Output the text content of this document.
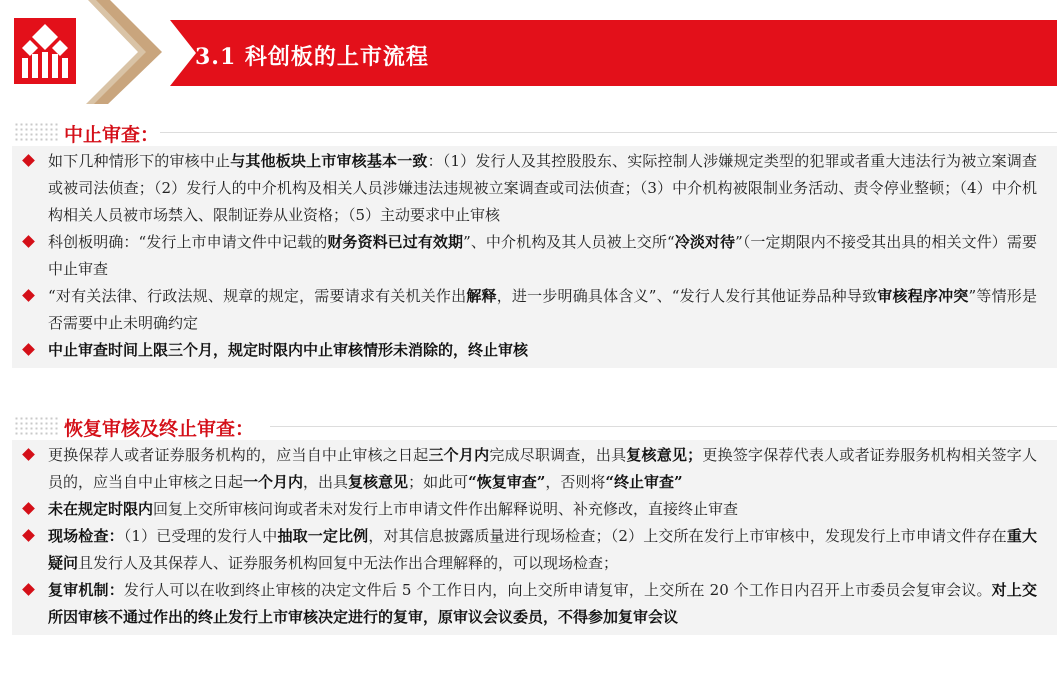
3.1 科创板的上市流程
中止审查：
如下几种情形下的审核中止与其他板块上市审核基本一致：（1）发行人及其控股股东、实际控制人涉嫌规定类型的犯罪或者重大违法行为被立案调查或被司法侦查；（2）发行人的中介机构及相关人员涉嫌违法违规被立案调查或司法侦查；（3）中介机构被限制业务活动、责令停业整顿；（4）中介机构相关人员被市场禁入、限制证券从业资格；（5）主动要求中止审核
科创板明确：“发行上市申请文件中记载的财务资料已过有效期”、中介机构及其人员被上交所“冷淡对待”（一定期限内不接受其出具的相关文件）需要中止审查
“对有关法律、行政法规、规章的规定，需要请求有关机关作出解释，进一步明确具体含义”、“发行人发行其他证券品种导致审核程序冲突”等情形是否需要中止未明确约定
中止审查时间上限三个月，规定时限内中止审核情形未消除的，终止审核
恢复审核及终止审查：
更换保荐人或者证券服务机构的，应当自中止审核之日起三个月内完成尽职调查，出具复核意见；更换签字保荐代表人或者证券服务机构相关签字人员的，应当自中止审核之日起一个月内，出具复核意见；如此可“恢复审查”，否则将“终止审查”
未在规定时限内回复上交所审核问询或者未对发行上市申请文件作出解释说明、补充修改，直接终止审查
现场检查：（1）已受理的发行人中抽取一定比例，对其信息披露质量进行现场检查；（2）上交所在发行上市审核中，发现发行上市申请文件存在重大疑问且发行人及其保荐人、证券服务机构回复中无法作出合理解释的，可以现场检查；
复审机制：发行人可以在收到终止审核的决定文件后 5 个工作日内，向上交所申请复审，上交所在 20 个工作日内召开上市委员会复审会议。对上交所因审核不通过作出的终止发行上市审核决定进行的复审，原审议会议委员，不得参加复审会议
